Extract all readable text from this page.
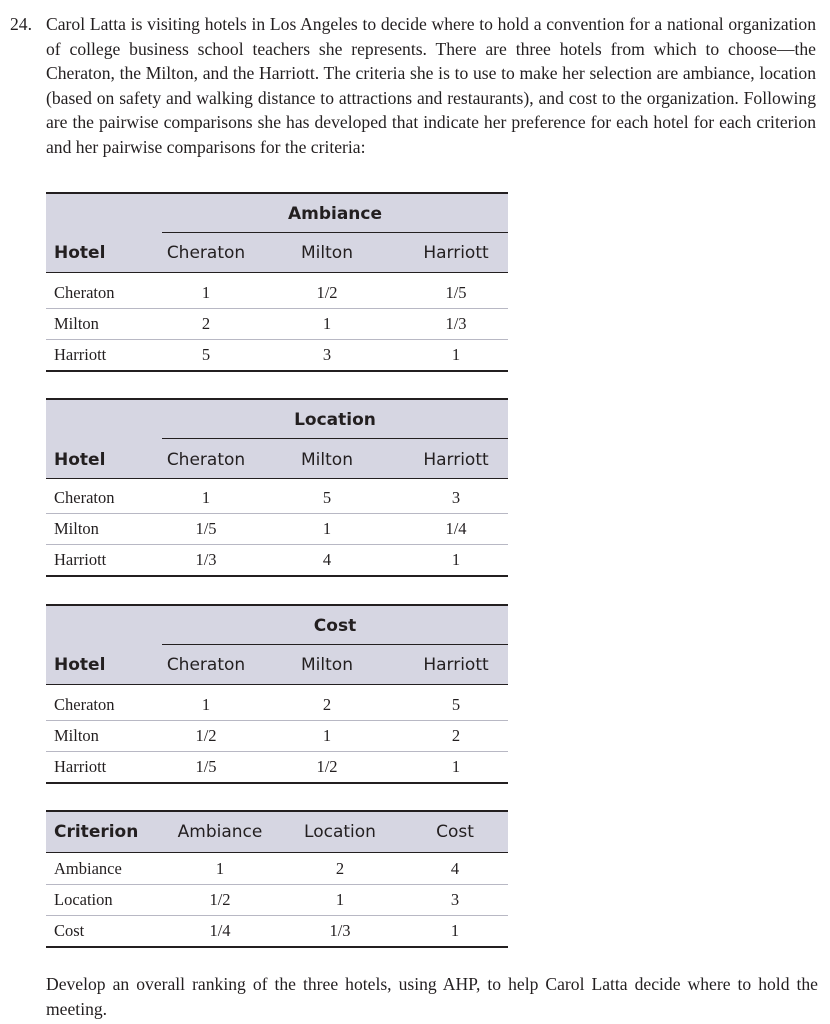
24. Carol Latta is visiting hotels in Los Angeles to decide where to hold a convention for a national organization of college business school teachers she represents. There are three hotels from which to choose—the Cheraton, the Milton, and the Harriott. The criteria she is to use to make her selection are ambiance, location (based on safety and walking distance to attractions and restaurants), and cost to the organization. Following are the pairwise comparisons she has developed that indicate her preference for each hotel for each criterion and her pairwise comparisons for the criteria:
Ambiance
Hotel	Cheraton	Milton	Harriott
Cheraton	1	1/2	1/5
Milton	2	1	1/3
Harriott	5	3	1
Location
Hotel	Cheraton	Milton	Harriott
Cheraton	1	5	3
Milton	1/5	1	1/4
Harriott	1/3	4	1
Cost
Hotel	Cheraton	Milton	Harriott
Cheraton	1	2	5
Milton	1/2	1	2
Harriott	1/5	1/2	1
Criterion	Ambiance	Location	Cost
Ambiance	1	2	4
Location	1/2	1	3
Cost	1/4	1/3	1
Develop an overall ranking of the three hotels, using AHP, to help Carol Latta decide where to hold the meeting.
